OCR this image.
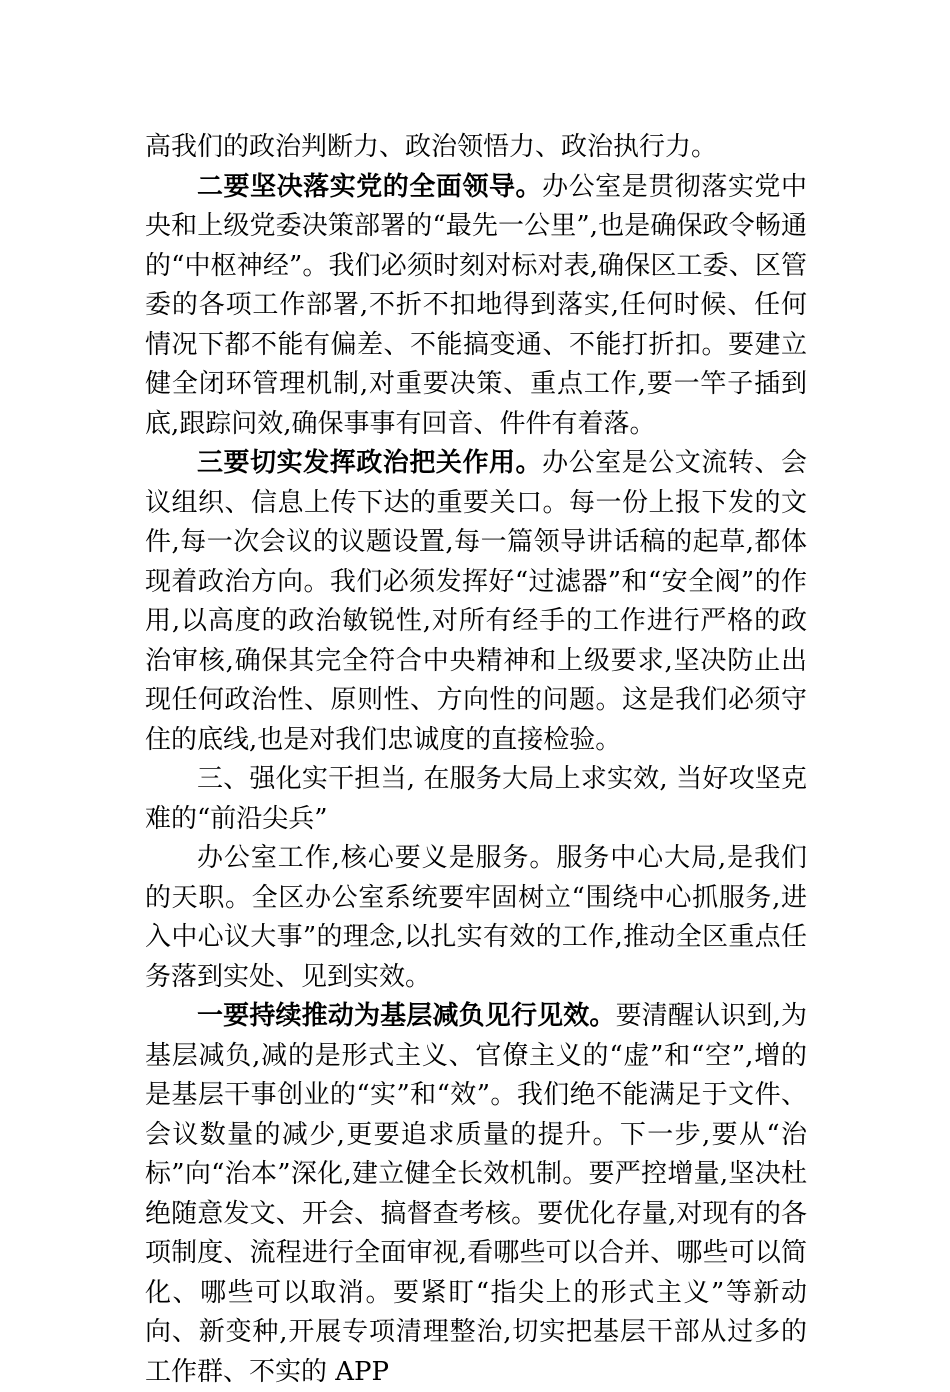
高我们的政治判断力、政治领悟力、政治执行力。

二要坚决落实党的全面领导。办公室是贯彻落实党中央和上级党委决策部署的“最先一公里”,也是确保政令畅通的“中枢神经”。我们必须时刻对标对表,确保区工委、区管委的各项工作部署,不折不扣地得到落实,任何时候、任何情况下都不能有偏差、不能搞变通、不能打折扣。要建立健全闭环管理机制,对重要决策、重点工作,要一竿子插到底,跟踪问效,确保事事有回音、件件有着落。

三要切实发挥政治把关作用。办公室是公文流转、会议组织、信息上传下达的重要关口。每一份上报下发的文件,每一次会议的议题设置,每一篇领导讲话稿的起草,都体现着政治方向。我们必须发挥好“过滤器”和“安全阀”的作用,以高度的政治敏锐性,对所有经手的工作进行严格的政治审核,确保其完全符合中央精神和上级要求,坚决防止出现任何政治性、原则性、方向性的问题。这是我们必须守住的底线,也是对我们忠诚度的直接检验。

三、强化实干担当, 在服务大局上求实效, 当好攻坚克难的“前沿尖兵”

办公室工作,核心要义是服务。服务中心大局,是我们的天职。全区办公室系统要牢固树立“围绕中心抓服务,进入中心议大事”的理念,以扎实有效的工作,推动全区重点任务落到实处、见到实效。

一要持续推动为基层减负见行见效。要清醒认识到,为基层减负,减的是形式主义、官僚主义的“虚”和“空”,增的是基层干事创业的“实”和“效”。我们绝不能满足于文件、会议数量的减少,更要追求质量的提升。下一步,要从“治标”向“治本”深化,建立健全长效机制。要严控增量,坚决杜绝随意发文、开会、搞督查考核。要优化存量,对现有的各项制度、流程进行全面审视,看哪些可以合并、哪些可以简化、哪些可以取消。要紧盯“指尖上的形式主义”等新动向、新变种,开展专项清理整治,切实把基层干部从过多的工作群、不实的 APP
